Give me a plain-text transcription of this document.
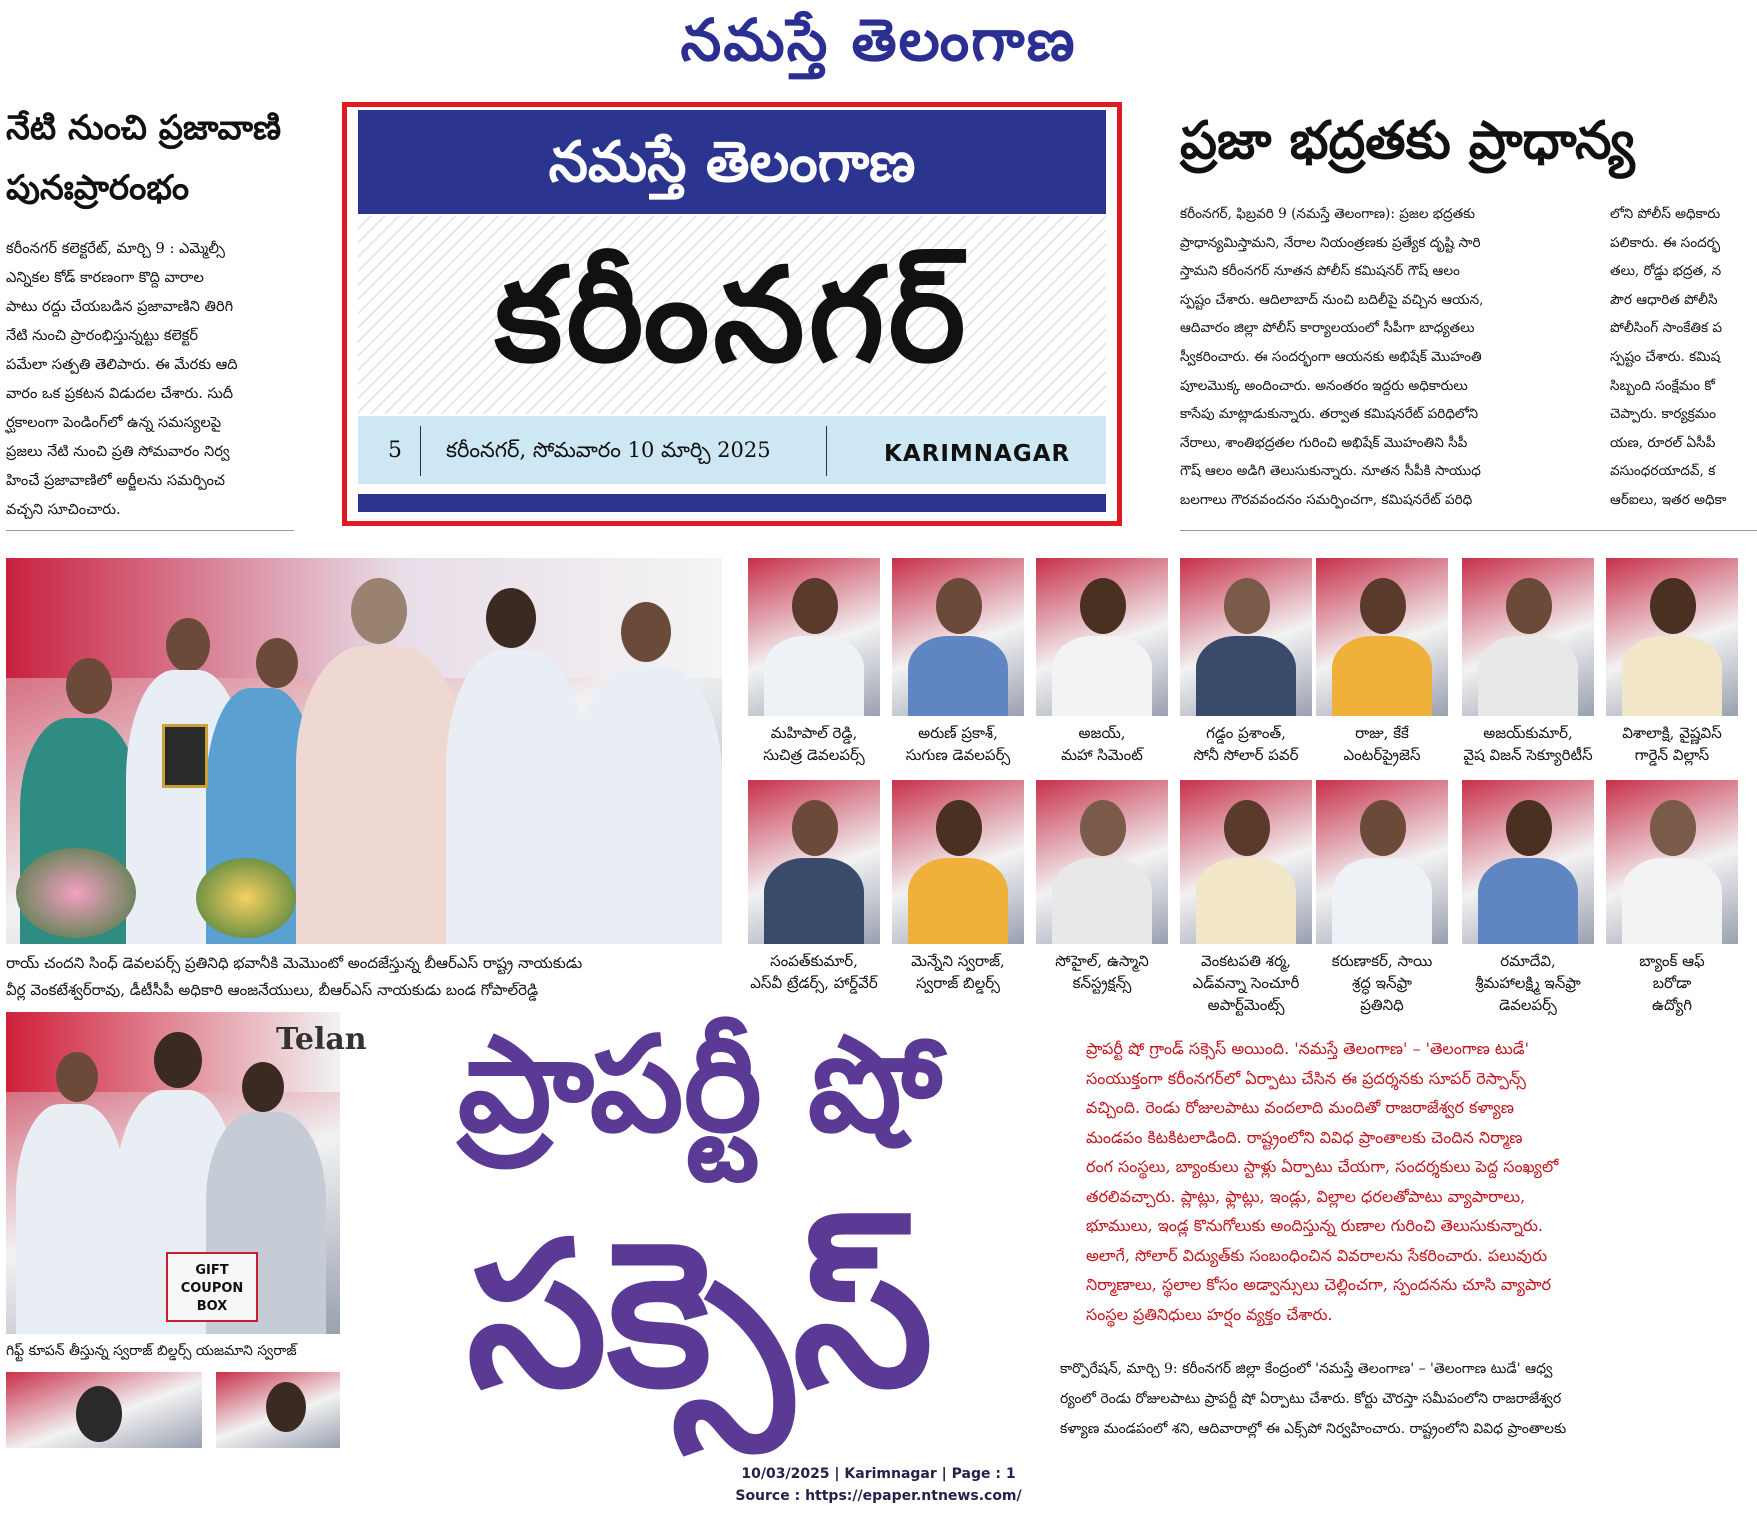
నమస్తే తెలంగాణ
నేటి నుంచి ప్రజావాణి
పునఃప్రారంభం
కరీంనగర్ కలెక్టరేట్, మార్చి 9 : ఎమ్మెల్సీ
ఎన్నికల కోడ్ కారణంగా కొద్ది వారాల
పాటు రద్దు చేయబడిన ప్రజావాణిని తిరిగి
నేటి నుంచి ప్రారంభిస్తున్నట్టు కలెక్టర్
పమేలా సత్పతి తెలిపారు. ఈ మేరకు ఆది
వారం ఒక ప్రకటన విడుదల చేశారు. సుదీ
ర్ఘకాలంగా పెండింగ్‌లో ఉన్న సమస్యలపై
ప్రజలు నేటి నుంచి ప్రతి సోమవారం నిర్వ
హించే ప్రజావాణిలో అర్జీలను సమర్పించ
వచ్చని సూచించారు.
నమస్తే తెలంగాణ
కరీంనగర్
5 కరీంనగర్, సోమవారం 10 మార్చి 2025	KARIMNAGAR
ప్రజా భద్రతకు ప్రాధాన్య
కరీంనగర్, ఫిబ్రవరి 9 (నమస్తే తెలంగాణ): ప్రజల భద్రతకు
ప్రాధాన్యమిస్తామని, నేరాల నియంత్రణకు ప్రత్యేక దృష్టి సారి
స్తామని కరీంనగర్ నూతన పోలీస్ కమిషనర్ గౌష్ ఆలం
స్పష్టం చేశారు. ఆదిలాబాద్ నుంచి బదిలీపై వచ్చిన ఆయన,
ఆదివారం జిల్లా పోలీస్ కార్యాలయంలో సీపీగా బాధ్యతలు
స్వీకరించారు. ఈ సందర్భంగా ఆయనకు అభిషేక్ మొహంతి
పూలమొక్క అందించారు. అనంతరం ఇద్దరు అధికారులు
కాసేపు మాట్లాడుకున్నారు. తర్వాత కమిషనరేట్ పరిధిలోని
నేరాలు, శాంతిభద్రతల గురించి అభిషేక్ మొహంతిని సీపీ
గౌష్ ఆలం అడిగి తెలుసుకున్నారు. నూతన సీపీకి సాయుధ
బలగాలు గౌరవవందనం సమర్పించగా, కమిషనరేట్ పరిధి
లోని పోలీస్ అధికారు
పలికారు. ఈ సందర్భ
తలు, రోడ్డు భద్రత, న
పౌర ఆధారిత పోలీసి
పోలీసింగ్ సాంకేతిక ప
స్పష్టం చేశారు. కమిష
సిబ్బంది సంక్షేమం కో
చెప్పారు. కార్యక్రమం
యణ, రూరల్ ఏసీపీ
వసుంధరయాదవ్, క
ఆర్‌ఐలు, ఇతర అధికా
రాయ్ చందని సింధ్ డెవలపర్స్ ప్రతినిధి భవానీకి మెమొంటో అందజేస్తున్న బీఆర్ఎస్ రాష్ట్ర నాయకుడు
వీర్ల వెంకటేశ్వర్‌రావు, డీటీసీపీ అధికారి ఆంజనేయులు, బీఆర్ఎస్ నాయకుడు బండ గోపాల్‌రెడ్డి
మహిపాల్ రెడ్డి,
సుచిత్ర డెవలపర్స్
అరుణ్ ప్రకాశ్,
సుగుణ డెవలపర్స్
అజయ్,
మహా సిమెంట్
గడ్డం ప్రశాంత్,
సోనీ సోలార్ పవర్
రాజు, కేకే
ఎంటర్‌ప్రైజెస్
అజయ్‌కుమార్,
వైష విజన్ సెక్యూరిటీస్
విశాలాక్షి, వైష్ణవిస్
గార్డెన్ విల్లాస్
సంపత్‌కుమార్,
ఎస్‌వీ ట్రేడర్స్, హార్డ్‌వేర్
మెన్నేని స్వరాజ్,
స్వరాజ్ బిల్డర్స్
సోహైల్, ఉస్మాని
కన్‌స్ట్రక్షన్స్
వెంకటపతి శర్మ,
ఎడ్‌వన్నా సెంచూరీ
అపార్ట్‌మెంట్స్
కరుణాకర్, సాయి
శ్రద్ధ ఇన్‌ఫ్రా
ప్రతినిధి
రమాదేవి,
శ్రీమహాలక్ష్మి ఇన్‌ఫ్రా
డెవలపర్స్
బ్యాంక్ ఆఫ్
బరోడా
ఉద్యోగి
Telan
GIFT COUPON BOX
గిఫ్ట్ కూపన్ తీస్తున్న స్వరాజ్ బిల్డర్స్ యజమాని స్వరాజ్
ప్రాపర్టీ షో
సక్సెస్
ప్రాపర్టీ షో గ్రాండ్ సక్సెస్ అయింది. 'నమస్తే తెలంగాణ' – 'తెలంగాణ టుడే'
సంయుక్తంగా కరీంనగర్‌లో ఏర్పాటు చేసిన ఈ ప్రదర్శనకు సూపర్ రెస్పాన్స్
వచ్చింది. రెండు రోజులపాటు వందలాది మందితో రాజరాజేశ్వర కళ్యాణ
మండపం కిటకిటలాడింది. రాష్ట్రంలోని వివిధ ప్రాంతాలకు చెందిన నిర్మాణ
రంగ సంస్థలు, బ్యాంకులు స్టాళ్లు ఏర్పాటు చేయగా, సందర్శకులు పెద్ద సంఖ్యలో
తరలివచ్చారు. ప్లాట్లు, ఫ్లాట్లు, ఇండ్లు, విల్లాల ధరలతోపాటు వ్యాపారాలు,
భూములు, ఇండ్ల కొనుగోలుకు అందిస్తున్న రుణాల గురించి తెలుసుకున్నారు.
అలాగే, సోలార్ విద్యుత్‌కు సంబంధించిన వివరాలను సేకరించారు. పలువురు
నిర్మాణాలు, స్థలాల కోసం అడ్వాన్సులు చెల్లించగా, స్పందనను చూసి వ్యాపార
సంస్థల ప్రతినిధులు హర్షం వ్యక్తం చేశారు.
కార్పొరేషన్, మార్చి 9: కరీంనగర్ జిల్లా కేంద్రంలో 'నమస్తే తెలంగాణ' – 'తెలంగాణ టుడే' ఆధ్వ
ర్యంలో రెండు రోజులపాటు ప్రాపర్టీ షో ఏర్పాటు చేశారు. కోర్టు చౌరస్తా సమీపంలోని రాజరాజేశ్వర
కళ్యాణ మండపంలో శని, ఆదివారాల్లో ఈ ఎక్స్‌పో నిర్వహించారు. రాష్ట్రంలోని వివిధ ప్రాంతాలకు
10/03/2025 | Karimnagar | Page : 1
Source : https://epaper.ntnews.com/
